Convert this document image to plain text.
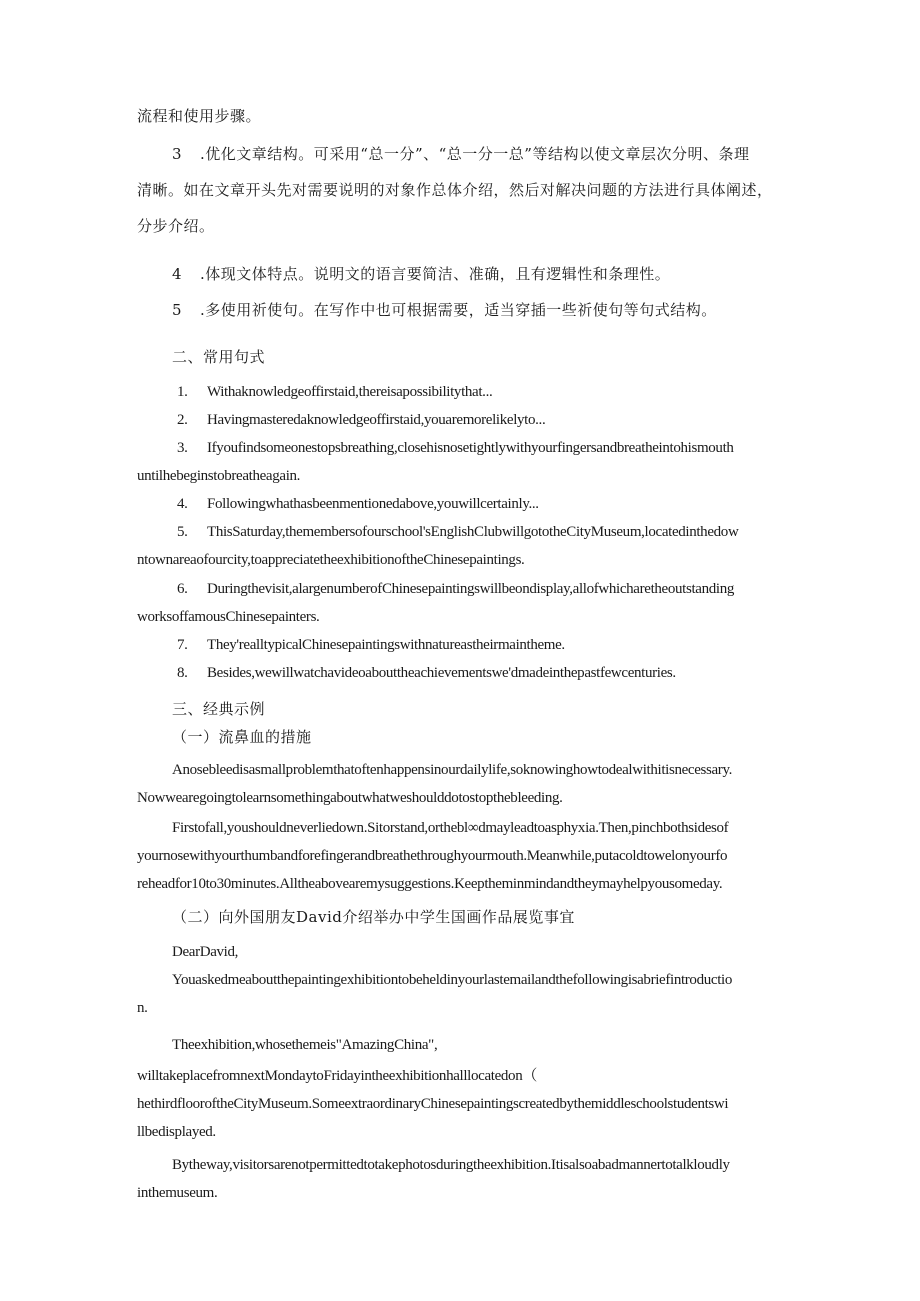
流程和使用步骤。
3 .优化文章结构。可采用“总一分”、“总一分一总”等结构以使文章层次分明、条理
清晰。如在文章开头先对需要说明的对象作总体介绍，然后对解决问题的方法进行具体阐述，
分步介绍。
4 .体现文体特点。说明文的语言要简洁、准确，且有逻辑性和条理性。
5 .多使用祈使句。在写作中也可根据需要，适当穿插一些祈使句等句式结构。
二、常用句式
1. Withaknowledgeoffirstaid,thereisapossibilitythat...
2. Havingmasteredaknowledgeoffirstaid,youaremorelikelyto...
3. Ifyoufindsomeonestopsbreathing,closehisnosetightlywithyourfingersandbreatheintohismouth
untilhebeginstobreatheagain.
4. Followingwhathasbeenmentionedabove,youwillcertainly...
5. ThisSaturday,themembersofourschool'sEnglishClubwillgototheCityMuseum,locatedinthedow
ntownareaofourcity,toappreciatetheexhibitionoftheChinesepaintings.
6. Duringthevisit,alargenumberofChinesepaintingswillbeondisplay,allofwhicharetheoutstanding
worksoffamousChinesepainters.
7. They'realltypicalChinesepaintingswithnatureastheirmaintheme.
8. Besides,wewillwatchavideoabouttheachievementswe'dmadeinthepastfewcenturies.
三、经典示例
（一）流鼻血的措施
Anosebleedisasmallproblemthatoftenhappensinourdailylife,soknowinghowtodealwithitisnecessary.
Nowwearegoingtolearnsomethingaboutwhatweshoulddotostopthebleeding.
Firstofall,youshouldneverliedown.Sitorstand,orthebl∞dmayleadtoasphyxia.Then,pinchbothsidesof
yournosewithyourthumbandforefingerandbreathethroughyourmouth.Meanwhile,putacoldtowelonyourfo
reheadfor10to30minutes.Alltheabovearemysuggestions.Keeptheminmindandtheymayhelpyousomeday.
（二）向外国朋友David介绍举办中学生国画作品展览事宜
DearDavid,
Youaskedmeaboutthepaintingexhibitiontobeheldinyourlastemailandthefollowingisabriefintroductio
n.
Theexhibition,whosethemeis"AmazingChina",
willtakeplacefromnextMondaytoFridayintheexhibitionhalllocatedon（
hethirdflooroftheCityMuseum.SomeextraordinaryChinesepaintingscreatedbythemiddleschoolstudentswi
llbedisplayed.
Bytheway,visitorsarenotpermittedtotakephotosduringtheexhibition.Itisalsoabadmannertotalkloudly
inthemuseum.
